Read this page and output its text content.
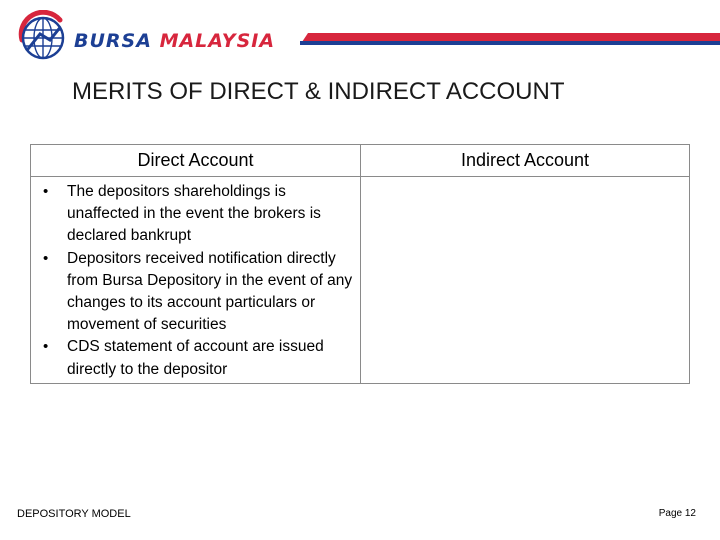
BURSA MALAYSIA
MERITS OF DIRECT & INDIRECT ACCOUNT
Direct Account	Indirect Account
• The depositors shareholdings is unaffected in the event the brokers is declared bankrupt
• Depositors received notification directly from Bursa Depository in the event of any changes to its account particulars or movement of securities
• CDS statement of account are issued directly to the depositor
DEPOSITORY MODEL	Page 12
